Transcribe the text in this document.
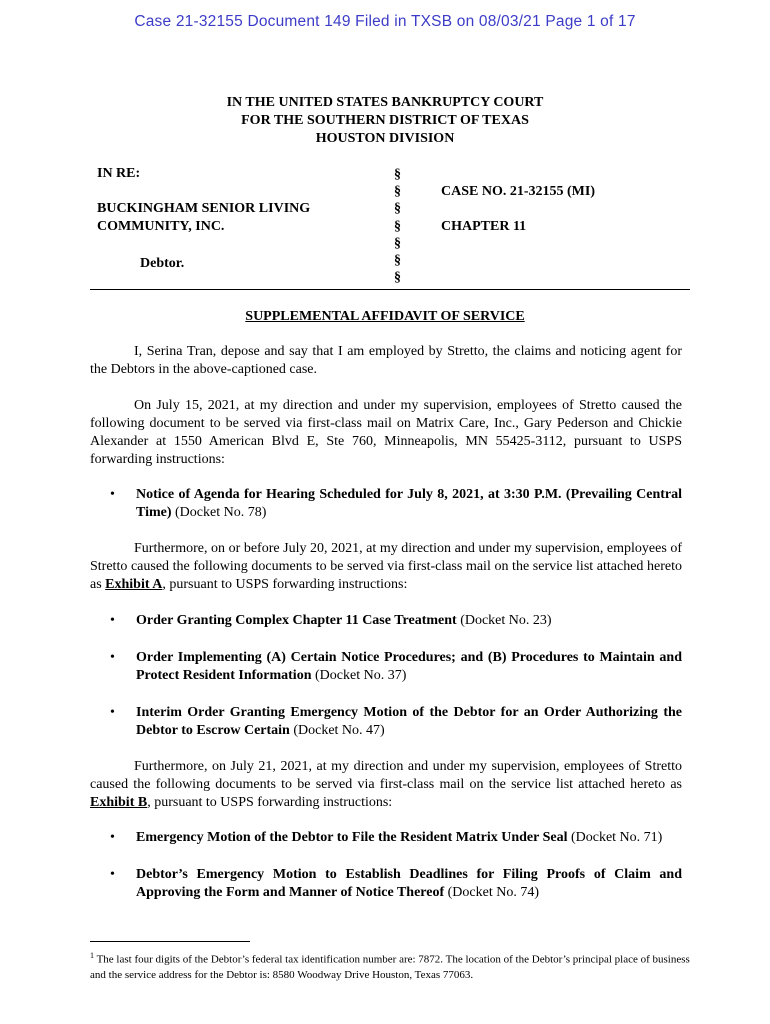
Case 21-32155 Document 149 Filed in TXSB on 08/03/21 Page 1 of 17
IN THE UNITED STATES BANKRUPTCY COURT
FOR THE SOUTHERN DISTRICT OF TEXAS
HOUSTON DIVISION
IN RE:
BUCKINGHAM SENIOR LIVING
COMMUNITY, INC.
Debtor.
§
§
§
§
§
§
§
CASE NO. 21-32155 (MI)
CHAPTER 11
SUPPLEMENTAL AFFIDAVIT OF SERVICE
I, Serina Tran, depose and say that I am employed by Stretto, the claims and noticing agent for the Debtors in the above-captioned case.
On July 15, 2021, at my direction and under my supervision, employees of Stretto caused the following document to be served via first-class mail on Matrix Care, Inc., Gary Pederson and Chickie Alexander at 1550 American Blvd E, Ste 760, Minneapolis, MN 55425-3112, pursuant to USPS forwarding instructions:
• Notice of Agenda for Hearing Scheduled for July 8, 2021, at 3:30 P.M. (Prevailing Central Time) (Docket No. 78)
Furthermore, on or before July 20, 2021, at my direction and under my supervision, employees of Stretto caused the following documents to be served via first-class mail on the service list attached hereto as Exhibit A, pursuant to USPS forwarding instructions:
• Order Granting Complex Chapter 11 Case Treatment (Docket No. 23)
• Order Implementing (A) Certain Notice Procedures; and (B) Procedures to Maintain and Protect Resident Information (Docket No. 37)
• Interim Order Granting Emergency Motion of the Debtor for an Order Authorizing the Debtor to Escrow Certain (Docket No. 47)
Furthermore, on July 21, 2021, at my direction and under my supervision, employees of Stretto caused the following documents to be served via first-class mail on the service list attached hereto as Exhibit B, pursuant to USPS forwarding instructions:
• Emergency Motion of the Debtor to File the Resident Matrix Under Seal (Docket No. 71)
• Debtor’s Emergency Motion to Establish Deadlines for Filing Proofs of Claim and Approving the Form and Manner of Notice Thereof (Docket No. 74)
$^1$ The last four digits of the Debtor’s federal tax identification number are: 7872. The location of the Debtor’s principal place of business and the service address for the Debtor is: 8580 Woodway Drive Houston, Texas 77063.
